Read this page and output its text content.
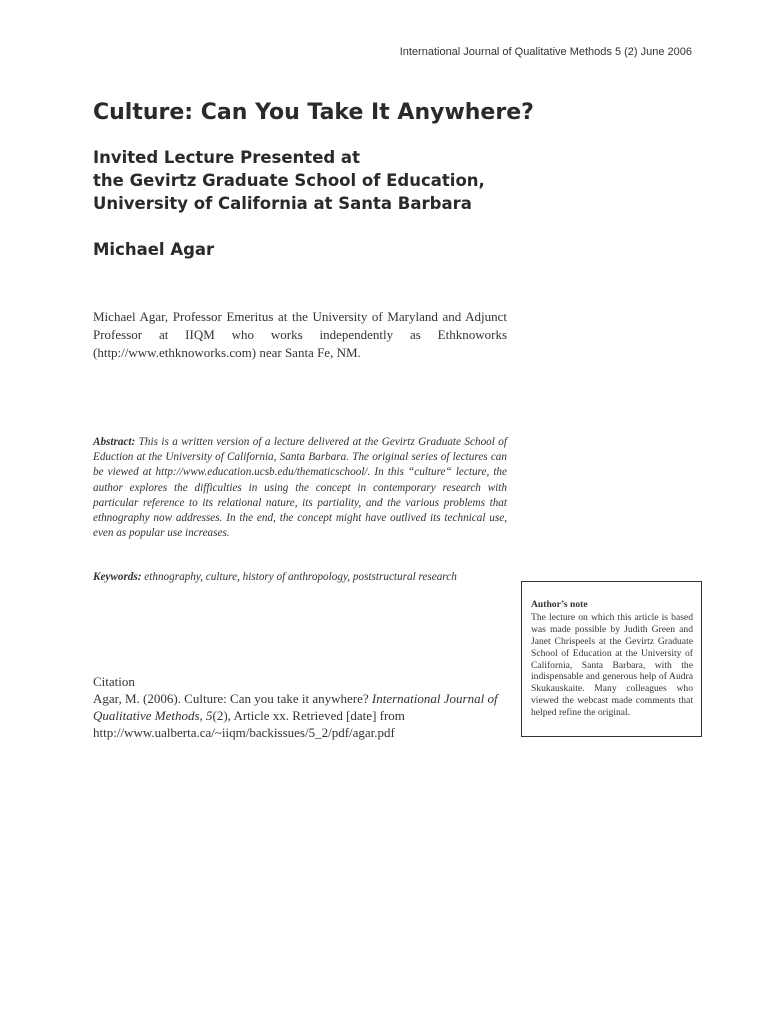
International Journal of Qualitative Methods 5 (2) June 2006
Culture: Can You Take It Anywhere?
Invited Lecture Presented at
the Gevirtz Graduate School of Education,
University of California at Santa Barbara
Michael Agar

Michael Agar, Professor Emeritus at the University of Maryland and Adjunct Professor at IIQM who works independently as Ethknoworks (http://www.ethknoworks.com) near Santa Fe, NM.

Abstract: This is a written version of a lecture delivered at the Gevirtz Graduate School of Eduction at the University of California, Santa Barbara. The original series of lectures can be viewed at http://www.education.ucsb.edu/thematicschool/. In this “culture“ lecture, the author explores the difficulties in using the concept in contemporary research with particular reference to its relational nature, its partiality, and the various problems that ethnography now addresses. In the end, the concept might have outlived its technical use, even as popular use increases.

Keywords: ethnography, culture, history of anthropology, poststructural research

Citation
Agar, M. (2006). Culture: Can you take it anywhere? International Journal of Qualitative Methods, 5(2), Article xx. Retrieved [date] from http://www.ualberta.ca/~iiqm/backissues/5_2/pdf/agar.pdf

Author’s note
The lecture on which this article is based was made possible by Judith Green and Janet Chrispeels at the Gevirtz Graduate School of Education at the University of California, Santa Barbara, with the indispensable and generous help of Audra Skukauskaite. Many colleagues who viewed the webcast made comments that helped refine the original.
